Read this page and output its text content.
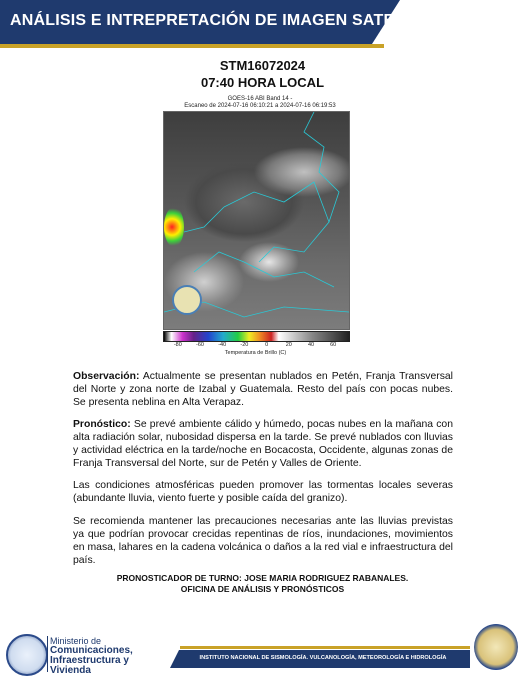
ANÁLISIS E INTREPRETACIÓN DE IMAGEN SATELITAL
STM16072024
07:40 HORA LOCAL
GOES-16 ABI Band 14 -
Escaneo de 2024-07-16 06:10:21 a 2024-07-16 06:19:53
-80	-60	-40	-20	0	20	40	60
Temperatura de Brillo (C)
Observación: Actualmente se presentan nublados en Petén, Franja Transversal del Norte y zona norte de Izabal y Guatemala. Resto del país con pocas nubes. Se presenta neblina en Alta Verapaz.
Pronóstico: Se prevé ambiente cálido y húmedo, pocas nubes en la mañana con alta radiación solar, nubosidad dispersa en la tarde. Se prevé nublados con lluvias y actividad eléctrica en la tarde/noche en Bocacosta, Occidente, algunas zonas de Franja Transversal del Norte, sur de Petén y Valles de Oriente.
Las condiciones atmosféricas pueden promover las tormentas locales severas (abundante lluvia, viento fuerte y posible caída del granizo).
Se recomienda mantener las precauciones necesarias ante las lluvias previstas ya que podrían provocar crecidas repentinas de ríos, inundaciones, movimientos en masa, lahares en la cadena volcánica o daños a la red vial e infraestructura del país.
PRONOSTICADOR DE TURNO: JOSE MARIA RODRIGUEZ RABANALES.
OFICINA DE ANÁLISIS Y PRONÓSTICOS
Ministerio de
Comunicaciones,
Infraestructura y
Vivienda
INSTITUTO NACIONAL DE SISMOLOGÍA. VULCANOLOGÍA, METEOROLOGÍA E HIDROLOGÍA
